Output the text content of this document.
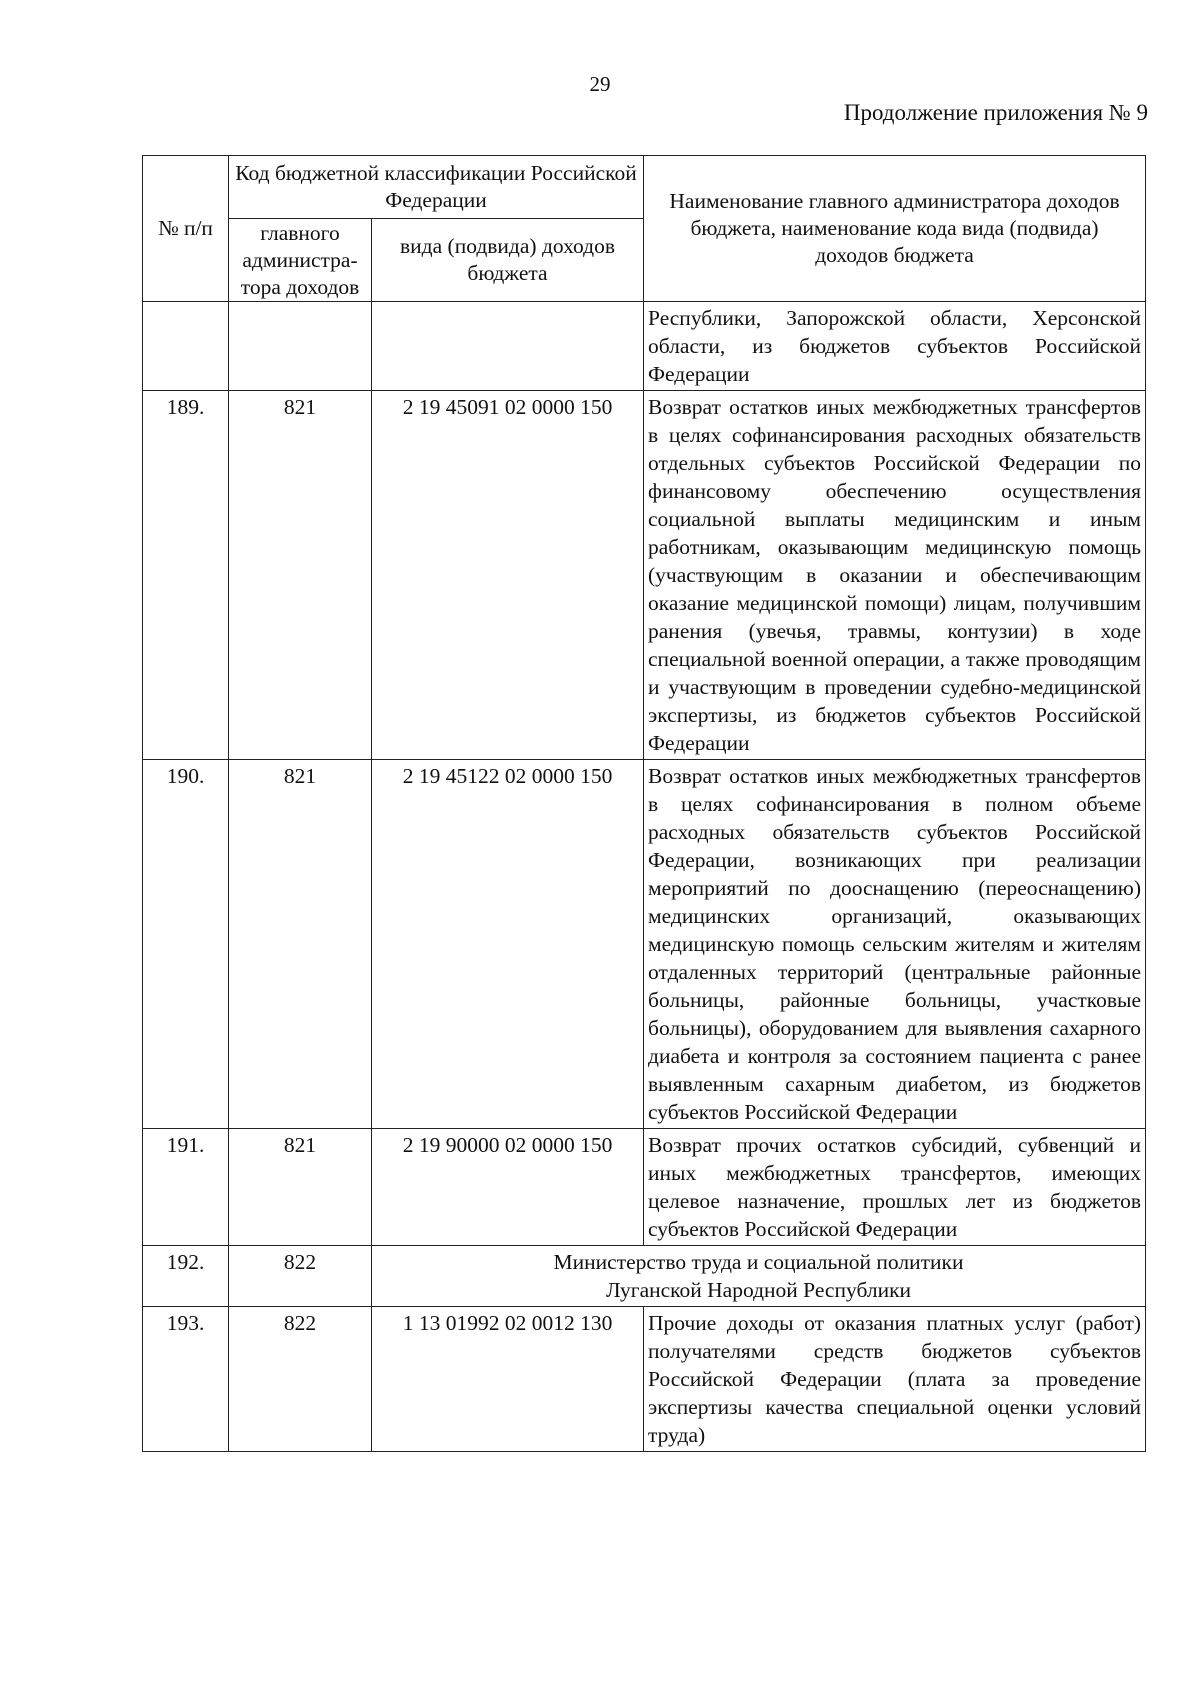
29
Продолжение приложения № 9
№ п/п	Код бюджетной классификации Российской Федерации		Наименование главного администратора доходов бюджета, наименование кода вида (подвида) доходов бюджета
	главного администра-тора доходов	вида (подвида) доходов бюджета	
			Республики, Запорожской области, Херсонской области, из бюджетов субъектов Российской Федерации
189.	821	2 19 45091 02 0000 150	Возврат остатков иных межбюджетных трансфертов в целях софинансирования расходных обязательств отдельных субъектов Российской Федерации по финансовому обеспечению осуществления социальной выплаты медицинским и иным работникам, оказывающим медицинскую помощь (участвующим в оказании и обеспечивающим оказание медицинской помощи) лицам, получившим ранения (увечья, травмы, контузии) в ходе специальной военной операции, а также проводящим и участвующим в проведении судебно-медицинской экспертизы, из бюджетов субъектов Российской Федерации
190.	821	2 19 45122 02 0000 150	Возврат остатков иных межбюджетных трансфертов в целях софинансирования в полном объеме расходных обязательств субъектов Российской Федерации, возникающих при реализации мероприятий по дооснащению (переоснащению) медицинских организаций, оказывающих медицинскую помощь сельским жителям и жителям отдаленных территорий (центральные районные больницы, районные больницы, участковые больницы), оборудованием для выявления сахарного диабета и контроля за состоянием пациента с ранее выявленным сахарным диабетом, из бюджетов субъектов Российской Федерации
191.	821	2 19 90000 02 0000 150	Возврат прочих остатков субсидий, субвенций и иных межбюджетных трансфертов, имеющих целевое назначение, прошлых лет из бюджетов субъектов Российской Федерации
192.	822	Министерство труда и социальной политики
Луганской Народной Республики	

193.	822	1 13 01992 02 0012 130	Прочие доходы от оказания платных услуг (работ) получателями средств бюджетов субъектов Российской Федерации (плата за проведение экспертизы качества специальной оценки условий труда)
